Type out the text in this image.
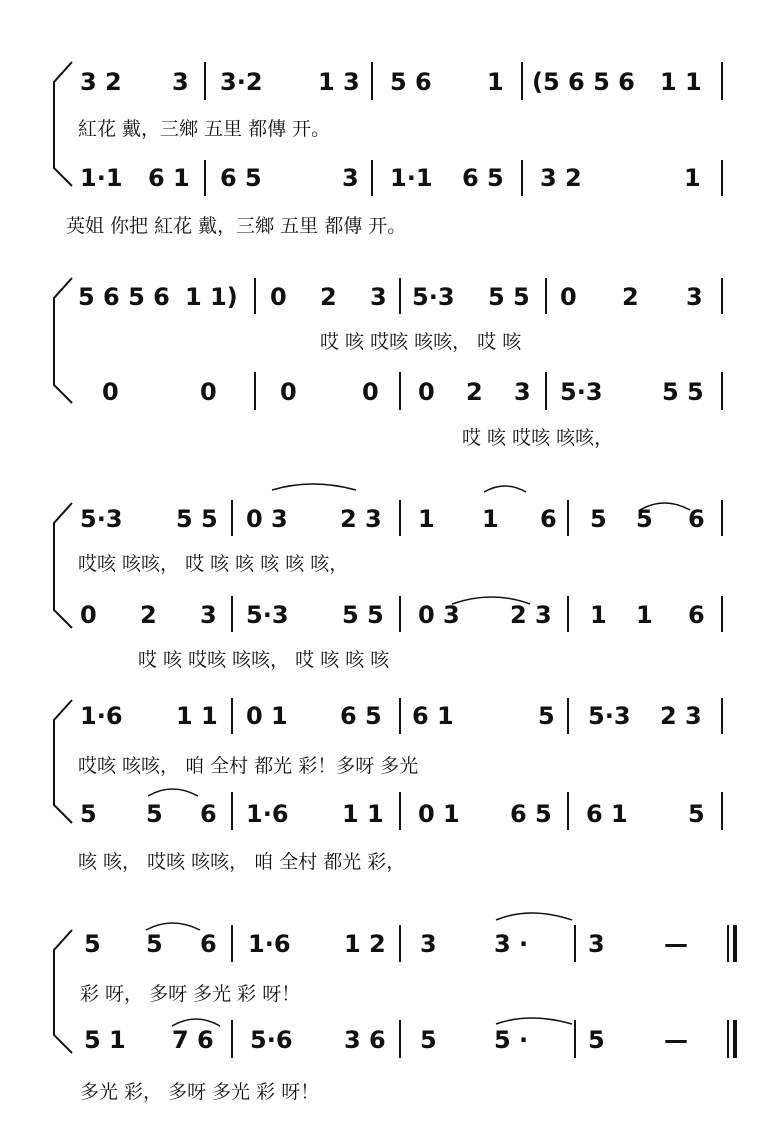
3 2 3 3·2 1 3 5 6 1 (5 6 5 6 1 1
紅花 戴，三鄉 五里 都傳 开。
1·1 6 1 6 5	3 1·1 6 5 3 2	1
英姐 你把 紅花 戴，三鄉 五里 都傳 开。
5 6 5 6 1 1) 0 2 3 5·3 5 5 0 2 3
哎 咳 哎咳 咳咳， 哎 咳
0	0	0	0 0 2 3 5·3 5 5
哎 咳 哎咳 咳咳，
5·3 5 5 0 3 2 3 1 1 6 5 5 6
哎咳 咳咳， 哎 咳 咳 咳 咳 咳，
0 2 3 5·3 5 5 0 3 2 3 1 1 6
哎 咳 哎咳 咳咳， 哎 咳 咳 咳
1·6 1 1 0 1 6 5 6 1	5 5·3 2 3
哎咳 咳咳， 咱 全村 都光 彩！多呀 多光
5 5 6 1·6 1 1 0 1 6 5 6 1	5
咳 咳， 哎咳 咳咳， 咱 全村 都光 彩，
5 5 6 1·6 1 2 3 3 · 3 —
彩 呀， 多呀 多光 彩 呀！
5 1 7 6 5·6 3 6 5 5 · 5 —
多光 彩， 多呀 多光 彩 呀！
